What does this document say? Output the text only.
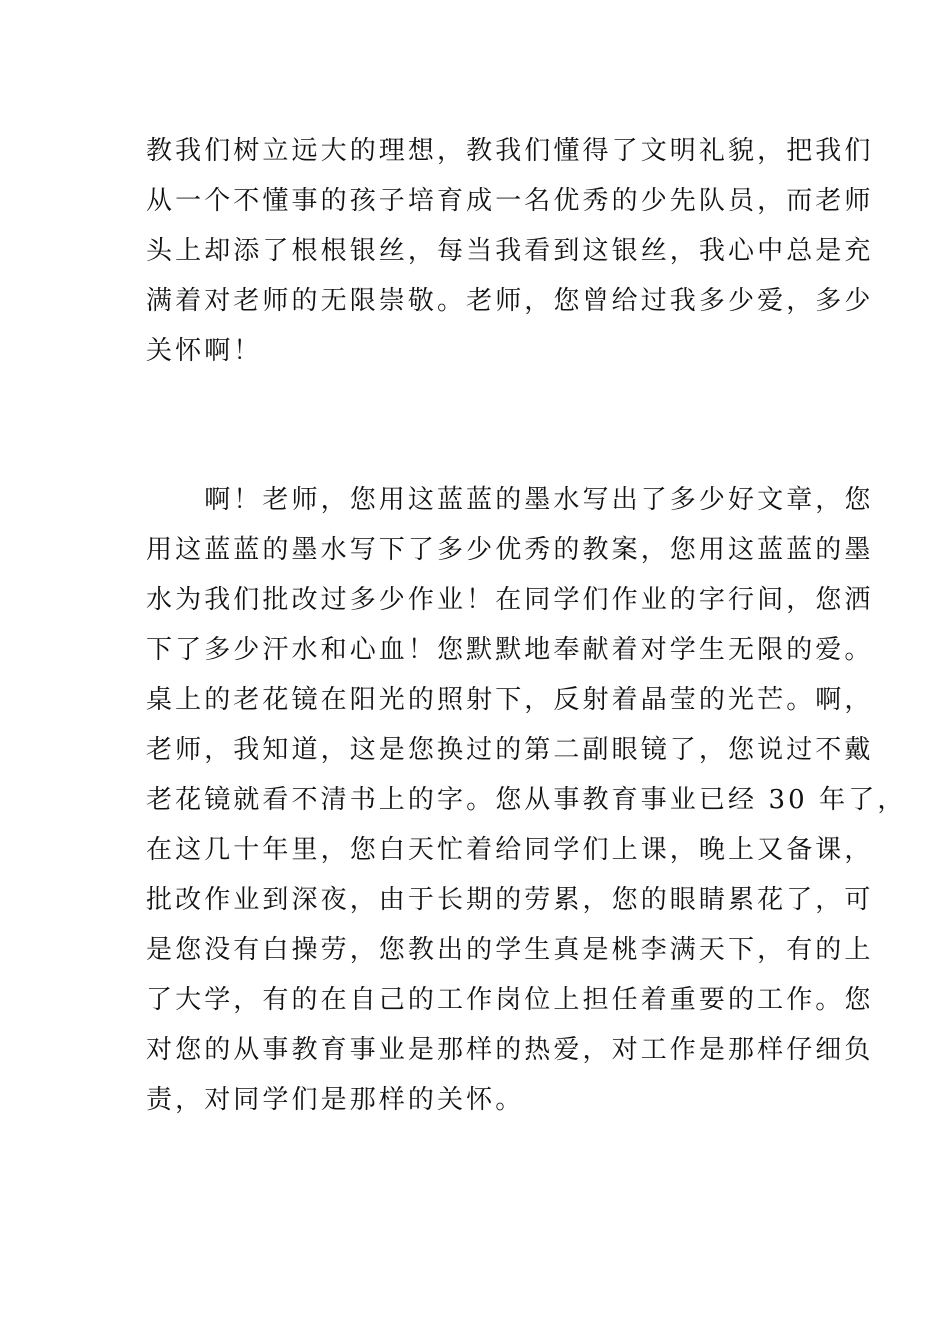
教我们树立远大的理想，教我们懂得了文明礼貌，把我们
从一个不懂事的孩子培育成一名优秀的少先队员，而老师
头上却添了根根银丝，每当我看到这银丝，我心中总是充
满着对老师的无限崇敬。老师，您曾给过我多少爱，多少
关怀啊！
　　啊！老师，您用这蓝蓝的墨水写出了多少好文章，您
用这蓝蓝的墨水写下了多少优秀的教案，您用这蓝蓝的墨
水为我们批改过多少作业！在同学们作业的字行间，您洒
下了多少汗水和心血！您默默地奉献着对学生无限的爱。
桌上的老花镜在阳光的照射下，反射着晶莹的光芒。啊，
老师，我知道，这是您换过的第二副眼镜了，您说过不戴
老花镜就看不清书上的字。您从事教育事业已经 30 年了，
在这几十年里，您白天忙着给同学们上课，晚上又备课，
批改作业到深夜，由于长期的劳累，您的眼睛累花了，可
是您没有白操劳，您教出的学生真是桃李满天下，有的上
了大学，有的在自己的工作岗位上担任着重要的工作。您
对您的从事教育事业是那样的热爱，对工作是那样仔细负
责，对同学们是那样的关怀。
